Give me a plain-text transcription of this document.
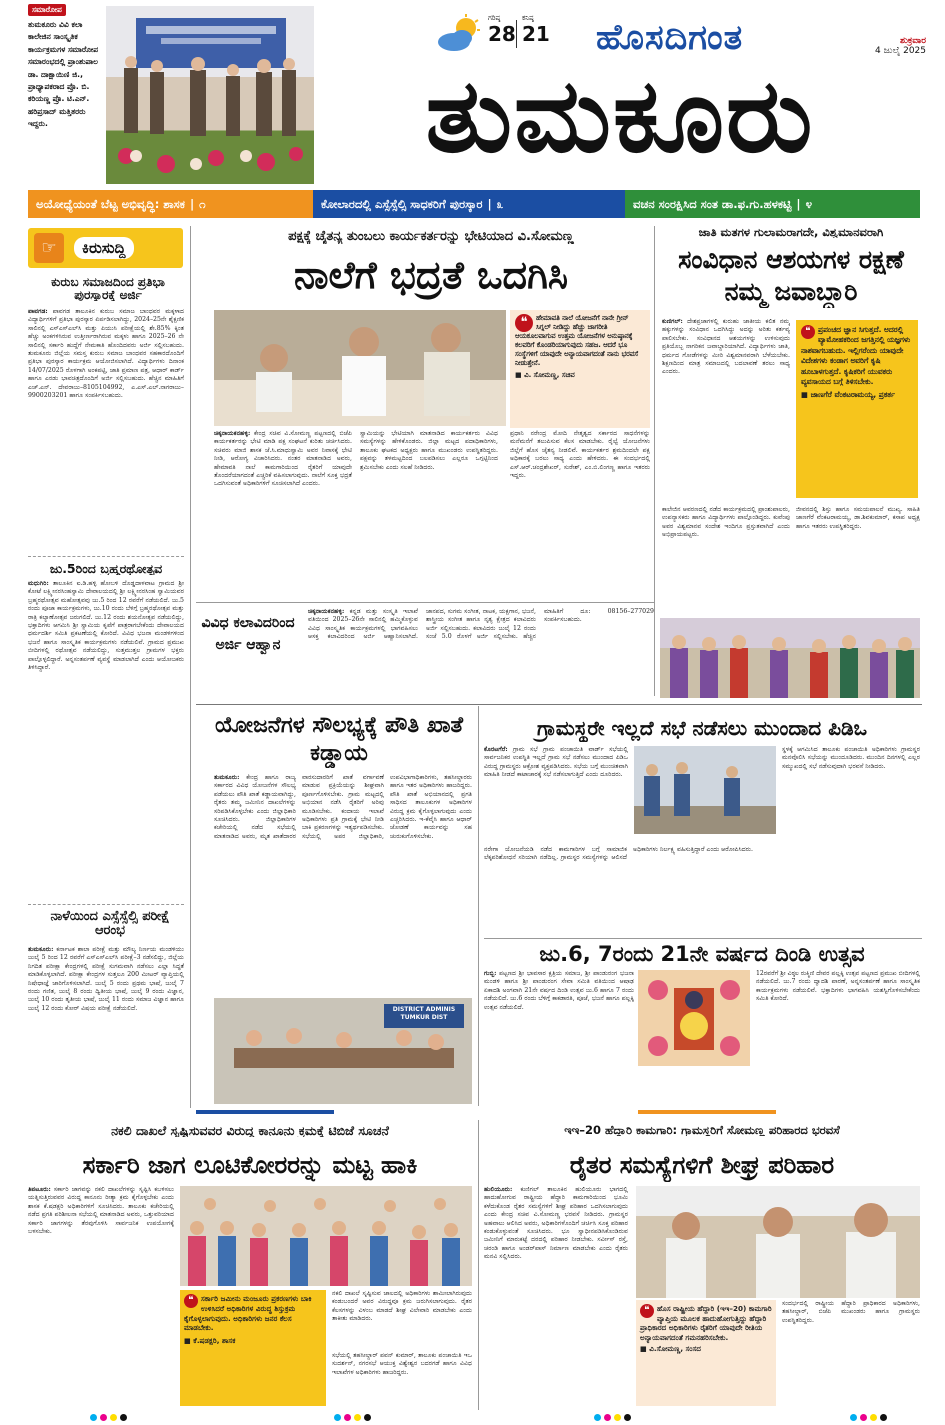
ಸಮಾರೋಪ
ತುಮಕೂರು ವಿವಿ ಕಲಾ ಕಾಲೇಜಿನ ಸಾಂಸ್ಕೃತಿಕ ಕಾರ್ಯಕ್ರಮಗಳ ಸಮಾರೋಪ ಸಮಾರಂಭದಲ್ಲಿ ಪ್ರಾಂಶುಪಾಲ ಡಾ. ದಾಕ್ಷಾಯಿಣಿ ಜಿ., ಪ್ರಾಧ್ಯಾಪಕರಾದ ಪ್ರೊ. ಬಿ. ಕರಿಯಣ್ಣ ಪ್ರೊ. ಟಿ.ಎನ್. ಹರಿಪ್ರಸಾದ್ ಮತ್ತಿತರರು ಇದ್ದರು.
ಗರಿಷ್ಠ
28
ಕನಿಷ್ಠ
21 ಹೊಸದಿಗಂತ	ಶುಕ್ರವಾರ
4 ಜುಲೈ 2025
ತುಮಕೂರು
ಅಯೋಧ್ಯೆಯಂತೆ ಬೆಟ್ಟ ಅಭಿವೃದ್ಧಿ: ಶಾಸಕ | ೧	ಕೋಲಾರದಲ್ಲಿ ಎಸ್ಸೆಸ್ಸೆಲ್ಸಿ ಸಾಧಕರಿಗೆ ಪುರಸ್ಕಾರ | ೩	ವಚನ ಸಂರಕ್ಷಿಸಿದ ಸಂತ ಡಾ.ಫ.ಗು.ಹಳಕಟ್ಟಿ | ೪
☞	ಕಿರುಸುದ್ದಿ
ಕುರುಬ ಸಮಾಜದಿಂದ ಪ್ರತಿಭಾ ಪುರಸ್ಕಾರಕ್ಕೆ ಅರ್ಜಿ
ಪಾವಗಡ: ಪಾವಗಡ ತಾಲೂಕಿನ ಕುರುಬ ಸಮಾಜ ಬಾಂಧವರ ಮಕ್ಕಳಾದ ವಿದ್ಯಾರ್ಥಿಗಳಿಗೆ ಪ್ರತಿಭಾ ಪುರಸ್ಕಾರ ಏರ್ಪಡಿಸಲಾಗಿದ್ದು, 2024–25ನೇ ಶೈಕ್ಷಣಿಕ ಸಾಲಿನಲ್ಲಿ ಎಸ್ಎಸ್ಎಲ್‌ಸಿ ಮತ್ತು ಪಿಯುಸಿ ಪರೀಕ್ಷೆಯಲ್ಲಿ ಶೇ.85% ಕ್ಕಿಂತ ಹೆಚ್ಚು ಅಂಕಗಳಿಸಿರುವ ಉತ್ತೀರ್ಣರಾಗಿರುವ ಮಕ್ಕಳು ಹಾಗೂ 2025–26 ನೇ ಸಾಲಿನಲ್ಲಿ ಸರ್ಕಾರಿ ಹುದ್ದೆಗೆ ನೇಮಕಾತಿ ಹೊಂದಿದವರು ಅರ್ಜಿ ಸಲ್ಲಿಸಬಹುದು. ತುಮಕೂರು ಜಿಲ್ಲೆಯ ಸಮಸ್ತ ಕುರುಬ ಸಮಾಜ ಬಾಂಧವರ ಸಹಕಾರದೊಂದಿಗೆ ಪ್ರತಿಭಾ ಪುರಸ್ಕಾರ ಕಾರ್ಯಕ್ರಮ ಆಯೋಜಿಸಲಾಗಿದೆ. ವಿದ್ಯಾರ್ಥಿಗಳು ದಿನಾಂಕ 14/07/2025 ರೊಳಗಾಗಿ ಅಂಕಪಟ್ಟಿ, ಜಾತಿ ಪ್ರಮಾಣ ಪತ್ರ, ಆಧಾರ್ ಕಾರ್ಡ್ ಹಾಗೂ ಎರಡು ಭಾವಚಿತ್ರದೊಂದಿಗೆ ಅರ್ಜಿ ಸಲ್ಲಿಸಬಹುದು. ಹೆಚ್ಚಿನ ಮಾಹಿತಿಗೆ ಎಚ್.ಎನ್. ದೇವರಾಜು–8105104992, ಎ.ಎಸ್.ಎಲ್.ನಾಗರಾಜು–9900203201 ಹಾಗೂ ಸಂಪರ್ಕಿಸಬಹುದು.
ಜು.5ರಿಂದ ಬ್ರಹ್ಮರಥೋತ್ಸವ
ಮಧುಗಿರಿ: ತಾಲೂಕಿನ ಐ.ಡಿ.ಹಳ್ಳಿ ಹೋಬಳಿ ದೊಡ್ಡದಾಳವಾಟ ಗ್ರಾಮದ ಶ್ರೀ ಕೋಟೆ ಲಕ್ಷ್ಮೀನರಸಿಂಹಸ್ವಾಮಿ ದೇವಾಲಯದಲ್ಲಿ ಶ್ರೀ ಲಕ್ಷ್ಮೀನರಸಿಂಹ ಸ್ವಾಮಿಯವರ ಬ್ರಹ್ಮರಥೋತ್ಸವ ಮಹೋತ್ಸವವು ಜು.5 ರಿಂದ 12 ರವರೆಗೆ ನಡೆಯಲಿದೆ. ಜು.5 ರಂದು ಪೂಜಾ ಕಾರ್ಯಕ್ರಮಗಳು, ಜು.10 ರಂದು ಬೆಳಿಗ್ಗೆ ಬ್ರಹ್ಮರಥೋತ್ಸವ ಮತ್ತು ರಾತ್ರಿ ಕಲ್ಯಾಣೋತ್ಸವ ಜರುಗಲಿದೆ. ಜು.12 ರಂದು ಶಯನೋತ್ಸವ ನಡೆಯಲಿದ್ದು, ಭಕ್ತಾದಿಗಳು ಆಗಮಿಸಿ ಶ್ರೀ ಸ್ವಾಮಿಯ ಕೃಪೆಗೆ ಪಾತ್ರರಾಗಬೇಕೆಂದು ದೇವಾಲಯದ ಧರ್ಮದರ್ಶಿ ಸಮಿತಿ ಪ್ರಕಟಣೆಯಲ್ಲಿ ಕೋರಿದೆ. ವಿವಿಧ ಭಜನಾ ಮಂಡಳಿಗಳಿಂದ ಭಜನೆ ಹಾಗೂ ಸಾಂಸ್ಕೃತಿಕ ಕಾರ್ಯಕ್ರಮಗಳು ನಡೆಯಲಿವೆ. ಗ್ರಾಮದ ಪ್ರಮುಖ ಬೀದಿಗಳಲ್ಲಿ ರಥೋತ್ಸವ ನಡೆಯಲಿದ್ದು, ಸುತ್ತಮುತ್ತಲ ಗ್ರಾಮಗಳ ಭಕ್ತರು ಪಾಲ್ಗೊಳ್ಳಲಿದ್ದಾರೆ. ಅನ್ನಸಂತರ್ಪಣೆ ವ್ಯವಸ್ಥೆ ಮಾಡಲಾಗಿದೆ ಎಂದು ಆಯೋಜಕರು ತಿಳಿಸಿದ್ದಾರೆ.
ನಾಳೆಯಿಂದ ಎಸ್ಸೆಸ್ಸೆಲ್ಸಿ ಪರೀಕ್ಷೆ ಆರಂಭ
ತುಮಕೂರು: ಕರ್ನಾಟಕ ಶಾಲಾ ಪರೀಕ್ಷೆ ಮತ್ತು ಮೌಲ್ಯ ನಿರ್ಣಯ ಮಂಡಳಿಯು ಜುಲೈ 5 ರಿಂದ 12 ರವರೆಗೆ ಎಸ್‌ಎಸ್‌ಎಲ್‌ಸಿ ಪರೀಕ್ಷೆ–3 ನಡೆಸಲಿದ್ದು, ಜಿಲ್ಲೆಯ ನಿಗದಿತ ಪರೀಕ್ಷಾ ಕೇಂದ್ರಗಳಲ್ಲಿ ಪರೀಕ್ಷೆ ಸುಗಮವಾಗಿ ನಡೆಸಲು ಎಲ್ಲಾ ಸಿದ್ಧತೆ ಮಾಡಿಕೊಳ್ಳಲಾಗಿದೆ. ಪರೀಕ್ಷಾ ಕೇಂದ್ರಗಳ ಸುತ್ತಲೂ 200 ಮೀಟರ್ ವ್ಯಾಪ್ತಿಯಲ್ಲಿ ನಿಷೇಧಾಜ್ಞೆ ಜಾರಿಗೊಳಿಸಲಾಗಿದೆ. ಜುಲೈ 5 ರಂದು ಪ್ರಥಮ ಭಾಷೆ, ಜುಲೈ 7 ರಂದು ಗಣಿತ, ಜುಲೈ 8 ರಂದು ದ್ವಿತೀಯ ಭಾಷೆ, ಜುಲೈ 9 ರಂದು ವಿಜ್ಞಾನ, ಜುಲೈ 10 ರಂದು ತೃತೀಯ ಭಾಷೆ, ಜುಲೈ 11 ರಂದು ಸಮಾಜ ವಿಜ್ಞಾನ ಹಾಗೂ ಜುಲೈ 12 ರಂದು ಕೋರ್ ವಿಷಯ ಪರೀಕ್ಷೆ ನಡೆಯಲಿದೆ.
ಪಕ್ಷಕ್ಕೆ ಚೈತನ್ಯ ತುಂಬಲು ಕಾರ್ಯಕರ್ತರನ್ನು ಭೇಟಿಯಾದ ವಿ.ಸೋಮಣ್ಣ
ನಾಲೆಗೆ ಭದ್ರತೆ ಒದಗಿಸಿ
❝	ಹೇಮಾವತಿ ನಾಲೆ ಯೋಜನೆಗೆ ನಾನೇ ಗ್ರೀನ್ ಸಿಗ್ನಲ್ ನೀಡಿದ್ದು ಹೆಚ್ಚು ಜಾಗರೀತಿ ಆಯಕೂಲವಾಗುವ ಉತ್ತಮ ಯೋಜನೆಗಳ ಅನುಷ್ಠಾನಕ್ಕೆ ಕಲವರಿಗೆ ಕೊಂಡರಿಯಾಗುವುದು ಸಹಜ. ಆದರೆ ಭೂ ಸಂಸ್ಥೆಗಳಿಗೆ ಯಾವುದೇ ಅನ್ಯಾಯವಾಗದಂತೆ ನಾನು ಭರವಸೆ ನೀಡುತ್ತೇನೆ.
■ ವಿ. ಸೋಮಣ್ಣ, ಸಚಿವ
ಚಿಕ್ಕನಾಯಕನಹಳ್ಳಿ: ಕೇಂದ್ರ ಸಚಿವ ವಿ.ಸೋಮಣ್ಣ ಪಟ್ಟಣದಲ್ಲಿ ಬಿಜೆಪಿ ಕಾರ್ಯಕರ್ತರನ್ನು ಭೇಟಿ ಮಾಡಿ ಪಕ್ಷ ಸಂಘಟನೆ ಕುರಿತು ಚರ್ಚಿಸಿದರು. ಸಚಿವರು ಮಾಜಿ ಶಾಸಕ ಜೆ.ಸಿ.ಮಾಧುಸ್ವಾಮಿ ಅವರ ನಿವಾಸಕ್ಕೆ ಭೇಟಿ ನೀಡಿ, ಆರೋಗ್ಯ ವಿಚಾರಿಸಿದರು. ನಂತರ ಮಾತನಾಡಿದ ಅವರು, ಹೇಮಾವತಿ ನಾಲೆ ಕಾಮಗಾರಿಯಿಂದ ರೈತರಿಗೆ ಯಾವುದೇ ತೊಂದರೆಯಾಗದಂತೆ ಎಚ್ಚರಿಕೆ ವಹಿಸಲಾಗುವುದು. ನಾಲೆಗೆ ಸೂಕ್ತ ಭದ್ರತೆ ಒದಗಿಸುವಂತೆ ಅಧಿಕಾರಿಗಳಿಗೆ ಸೂಚಿಸಲಾಗಿದೆ ಎಂದರು.
ಸ್ವಾಮಿಯನ್ನು ಭೇಟಿಯಾಗಿ ಮಾತನಾಡಿದ ಕಾರ್ಯಕರ್ತರು ವಿವಿಧ ಸಮಸ್ಯೆಗಳನ್ನು ಹೇಳಿಕೊಂಡರು. ಜಿಲ್ಲಾ ಮಟ್ಟದ ಪದಾಧಿಕಾರಿಗಳು, ತಾಲೂಕು ಘಟಕದ ಅಧ್ಯಕ್ಷರು ಹಾಗೂ ಮುಖಂಡರು ಉಪಸ್ಥಿತರಿದ್ದರು. ಪಕ್ಷವನ್ನು ತಳಮಟ್ಟದಿಂದ ಬಲಪಡಿಸಲು ಎಲ್ಲರೂ ಒಗ್ಗಟ್ಟಿನಿಂದ ಶ್ರಮಿಸಬೇಕು ಎಂದು ಸಲಹೆ ನೀಡಿದರು.
ಪ್ರಧಾನಿ ನರೇಂದ್ರ ಮೋದಿ ನೇತೃತ್ವದ ಸರ್ಕಾರದ ಸಾಧನೆಗಳನ್ನು ಮನೆಮನೆಗೆ ತಲುಪಿಸುವ ಕೆಲಸ ಮಾಡಬೇಕು. ರೈಲ್ವೆ ಯೋಜನೆಗಳು ಜಿಲ್ಲೆಗೆ ಹೊಸ ಚೈತನ್ಯ ನೀಡಲಿವೆ. ಕಾರ್ಯಕರ್ತರ ಶ್ರಮದಿಂದಲೇ ಪಕ್ಷ ಅಧಿಕಾರಕ್ಕೆ ಬರಲು ಸಾಧ್ಯ ಎಂದು ಹೇಳಿದರು. ಈ ಸಂದರ್ಭದಲ್ಲಿ ಎಸ್.ಆರ್.ಚಂದ್ರಶೇಖರ್, ಸುರೇಶ್, ಎಂ.ಬಿ.ಲಿಂಗಣ್ಣ ಹಾಗೂ ಇತರರು ಇದ್ದರು.
ಜಾತಿ ಮತಗಳ ಗುಲಾಮರಾಗದೇ, ವಿಶ್ವಮಾನವರಾಗಿ
ಸಂವಿಧಾನ ಆಶಯಗಳ ರಕ್ಷಣೆ ನಮ್ಮ ಜವಾಬ್ದಾರಿ
ಕುಣಿಗಲ್: ದೇಶಪ್ರಜಾಗಳಲ್ಲಿ ಕುರುಹು ಜಾತೀಯ ಕಲಿತ ನಮ್ಮ ಹಕ್ಕುಗಳನ್ನು ಸಂವಿಧಾನ ಒದಗಿಸಿದ್ದು ಅದನ್ನು ಅರಿತು ಕರ್ತವ್ಯ ಪಾಲಿಸಬೇಕು. ಸಂವಿಧಾನದ ಆಶಯಗಳನ್ನು ಉಳಿಸುವುದು ಪ್ರತಿಯೊಬ್ಬ ನಾಗರಿಕನ ಜವಾಬ್ದಾರಿಯಾಗಿದೆ. ವಿದ್ಯಾರ್ಥಿಗಳು ಜಾತಿ, ಧರ್ಮದ ಗೋಡೆಗಳನ್ನು ಮೀರಿ ವಿಶ್ವಮಾನವರಾಗಿ ಬೆಳೆಯಬೇಕು. ಶಿಕ್ಷಣದಿಂದ ಮಾತ್ರ ಸಮಾಜದಲ್ಲಿ ಬದಲಾವಣೆ ತರಲು ಸಾಧ್ಯ ಎಂದರು.
❝ ಪ್ರಪಂಚದ ಜ್ಞಾನ ಸಿಗುತ್ತದೆ. ಅದರಲ್ಲಿ ವ್ಯಾಮೋಹಕರಿಂದ ಜಗತ್ತಿನಲ್ಲಿ ಯಜ್ಞಗಳು ನಾಶವಾಗಬಹುದು. ಇಲ್ಲಿಗರೆಂದು ಯಾವುದೇ ವಿದೇಶಗಳು ಕಂಡಾಗ ಅವರಿಗೆ ಕೃಷಿ ಹೂಬಾಳಗುತ್ತದೆ. ಕೃಷಿಕರಿಗೆ ಯುವಕರು ವ್ಯವಸಾಯದ ಬಗ್ಗೆ ತಿಳಿಸಬೇಕು.
■ ಜಾಣಗೆರೆ ವೆಂಕಟರಾಮಯ್ಯ, ಪ್ರಕರ್ತ
ಕಾಲೇಜಿನ ಆವರಣದಲ್ಲಿ ನಡೆದ ಕಾರ್ಯಕ್ರಮದಲ್ಲಿ ಪ್ರಾಂಶುಪಾಲರು, ಉಪನ್ಯಾಸಕರು ಹಾಗೂ ವಿದ್ಯಾರ್ಥಿಗಳು ಪಾಲ್ಗೊಂಡಿದ್ದರು. ಕುವೆಂಪು ಅವರ ವಿಶ್ವಮಾನವ ಸಂದೇಶ ಇಂದಿಗೂ ಪ್ರಸ್ತುತವಾಗಿದೆ ಎಂದು ಅಭಿಪ್ರಾಯಪಟ್ಟರು.
ಜೀವನದಲ್ಲಿ ಶಿಸ್ತು ಹಾಗೂ ಸಮಯಪಾಲನೆ ಮುಖ್ಯ. ಸಾಹಿತಿ ಜಾಣಗೆರೆ ವೆಂಕಟರಾಮಯ್ಯ, ಡಾ.ಶಿವಕುಮಾರ್, ಕಸಾಪ ಅಧ್ಯಕ್ಷ ಹಾಗೂ ಇತರರು ಉಪಸ್ಥಿತರಿದ್ದರು.
ವಿವಿಧ ಕಲಾವಿದರಿಂದ ಅರ್ಜಿ ಆಹ್ವಾನ
ಚಿಕ್ಕನಾಯಕನಹಳ್ಳಿ: ಕನ್ನಡ ಮತ್ತು ಸಂಸ್ಕೃತಿ ಇಲಾಖೆ ವತಿಯಿಂದ 2025–26ನೇ ಸಾಲಿನಲ್ಲಿ ಹಮ್ಮಿಕೊಳ್ಳುವ ವಿವಿಧ ಸಾಂಸ್ಕೃತಿಕ ಕಾರ್ಯಕ್ರಮಗಳಲ್ಲಿ ಭಾಗವಹಿಸಲು ಆಸಕ್ತ ಕಲಾವಿದರಿಂದ ಅರ್ಜಿ ಆಹ್ವಾನಿಸಲಾಗಿದೆ. ಜಾನಪದ, ಸುಗಮ ಸಂಗೀತ, ನಾಟಕ, ಯಕ್ಷಗಾನ, ಭಜನೆ, ಶಾಸ್ತ್ರೀಯ ಸಂಗೀತ ಹಾಗೂ ನೃತ್ಯ ಕ್ಷೇತ್ರದ ಕಲಾವಿದರು ಅರ್ಜಿ ಸಲ್ಲಿಸಬಹುದು. ಕಲಾವಿದರು ಜುಲೈ 12 ರಂದು ಸಂಜೆ 5.0 ರೊಳಗೆ ಅರ್ಜಿ ಸಲ್ಲಿಸಬೇಕು. ಹೆಚ್ಚಿನ ಮಾಹಿತಿಗೆ ದೂ: 08156–277029 ಸಂಪರ್ಕಿಸಬಹುದು.
ಯೋಜನೆಗಳ ಸೌಲಭ್ಯಕ್ಕೆ ಪೌತಿ ಖಾತೆ ಕಡ್ಡಾಯ
ತುಮಕೂರು: ಕೇಂದ್ರ ಹಾಗೂ ರಾಜ್ಯ ಸರ್ಕಾರದ ವಿವಿಧ ಯೋಜನೆಗಳ ಸೌಲಭ್ಯ ಪಡೆಯಲು ಪೌತಿ ಖಾತೆ ಕಡ್ಡಾಯವಾಗಿದ್ದು, ರೈತರು ತಮ್ಮ ಜಮೀನಿನ ದಾಖಲೆಗಳನ್ನು ಸರಿಪಡಿಸಿಕೊಳ್ಳಬೇಕು ಎಂದು ಜಿಲ್ಲಾಧಿಕಾರಿ ಸೂಚಿಸಿದರು. ಜಿಲ್ಲಾಧಿಕಾರಿಗಳ ಕಚೇರಿಯಲ್ಲಿ ನಡೆದ ಸಭೆಯಲ್ಲಿ ಮಾತನಾಡಿದ ಅವರು, ಮೃತ ಖಾತೆದಾರರ ವಾರಸುದಾರರಿಗೆ ಖಾತೆ ವರ್ಗಾವಣೆ ಮಾಡುವ ಪ್ರಕ್ರಿಯೆಯನ್ನು ಶೀಘ್ರವಾಗಿ ಪೂರ್ಣಗೊಳಿಸಬೇಕು. ಗ್ರಾಮ ಮಟ್ಟದಲ್ಲಿ ಅಭಿಯಾನ ನಡೆಸಿ ರೈತರಿಗೆ ಅರಿವು ಮೂಡಿಸಬೇಕು. ಕಂದಾಯ ಇಲಾಖೆ ಅಧಿಕಾರಿಗಳು ಪ್ರತಿ ಗ್ರಾಮಕ್ಕೆ ಭೇಟಿ ನೀಡಿ ಬಾಕಿ ಪ್ರಕರಣಗಳನ್ನು ಇತ್ಯರ್ಥಪಡಿಸಬೇಕು. ಸಭೆಯಲ್ಲಿ ಅಪರ ಜಿಲ್ಲಾಧಿಕಾರಿ, ಉಪವಿಭಾಗಾಧಿಕಾರಿಗಳು, ತಹಸೀಲ್ದಾರರು ಹಾಗೂ ಇತರ ಅಧಿಕಾರಿಗಳು ಹಾಜರಿದ್ದರು. ಪೌತಿ ಖಾತೆ ಅಭಿಯಾನದಲ್ಲಿ ಪ್ರಗತಿ ಸಾಧಿಸದ ತಾಲೂಕುಗಳ ಅಧಿಕಾರಿಗಳ ವಿರುದ್ಧ ಕ್ರಮ ಕೈಗೊಳ್ಳಲಾಗುವುದು ಎಂದು ಎಚ್ಚರಿಸಿದರು. ಇ-ಕೆವೈಸಿ ಹಾಗೂ ಆಧಾರ್ ಜೋಡಣೆ ಕಾರ್ಯವನ್ನು ಸಹ ಚುರುಕುಗೊಳಿಸಬೇಕು.
DISTRICT ADMINIS TUMKUR DIST
ಗ್ರಾಮಸ್ಥರೇ ಇಲ್ಲದೆ ಸಭೆ ನಡೆಸಲು ಮುಂದಾದ ಪಿಡಿಒ
ಕೊರಟಗೆರೆ: ಗ್ರಾಮ ಸಭೆ ಗ್ರಾಮ ಪಂಚಾಯಿತಿ ವಾರ್ಡ್ ಸಭೆಯಲ್ಲಿ ಸಾರ್ವಜನಿಕರ ಉಪಸ್ಥಿತಿ ಇಲ್ಲದೆ ಗ್ರಾಮ ಸಭೆ ನಡೆಸಲು ಮುಂದಾದ ಪಿಡಿಒ ವಿರುದ್ಧ ಗ್ರಾಮಸ್ಥರು ಆಕ್ರೋಶ ವ್ಯಕ್ತಪಡಿಸಿದರು. ಸಭೆಯ ಬಗ್ಗೆ ಮುಂಚಿತವಾಗಿ ಮಾಹಿತಿ ನೀಡದೆ ಕಾಟಾಚಾರಕ್ಕೆ ಸಭೆ ನಡೆಸಲಾಗುತ್ತಿದೆ ಎಂದು ದೂರಿದರು.
ಸ್ಥಳಕ್ಕೆ ಆಗಮಿಸಿದ ತಾಲೂಕು ಪಂಚಾಯಿತಿ ಅಧಿಕಾರಿಗಳು ಗ್ರಾಮಸ್ಥರ ಮನವೊಲಿಸಿ ಸಭೆಯನ್ನು ಮುಂದೂಡಿದರು. ಮುಂದಿನ ದಿನಗಳಲ್ಲಿ ಎಲ್ಲರ ಸಮ್ಮುಖದಲ್ಲಿ ಸಭೆ ನಡೆಸುವುದಾಗಿ ಭರವಸೆ ನೀಡಿದರು.
ನರೇಗಾ ಯೋಜನೆಯಡಿ ನಡೆದ ಕಾಮಗಾರಿಗಳ ಬಗ್ಗೆ ಸಾಮಾಜಿಕ ಲೆಕ್ಕಪರಿಶೋಧನೆ ಸರಿಯಾಗಿ ನಡೆದಿಲ್ಲ. ಗ್ರಾಮಸ್ಥರ ಸಮಸ್ಯೆಗಳನ್ನು ಆಲಿಸದೆ ಅಧಿಕಾರಿಗಳು ನಿರ್ಲಕ್ಷ್ಯ ವಹಿಸುತ್ತಿದ್ದಾರೆ ಎಂದು ಆರೋಪಿಸಿದರು.
ಜು.6, 7ರಂದು 21ನೇ ವರ್ಷದ ದಿಂಡಿ ಉತ್ಸವ
ಗುಬ್ಬಿ: ಪಟ್ಟಣದ ಶ್ರೀ ಭಾವಸಾರ ಕ್ಷತ್ರಿಯ ಸಮಾಜ, ಶ್ರೀ ಪಾಂಡುರಂಗ ಭಜನಾ ಮಂಡಳಿ ಹಾಗೂ ಶ್ರೀ ಪಾಂಡುರಂಗ ಸೇವಾ ಸಮಿತಿ ವತಿಯಿಂದ ಆಷಾಢ ಏಕಾದಶಿ ಅಂಗವಾಗಿ 21ನೇ ವರ್ಷದ ದಿಂಡಿ ಉತ್ಸವ ಜು.6 ಹಾಗೂ 7 ರಂದು ನಡೆಯಲಿದೆ. ಜು.6 ರಂದು ಬೆಳಿಗ್ಗೆ ಕಾಕಡಾರತಿ, ಪೂಜೆ, ಭಜನೆ ಹಾಗೂ ಪಲ್ಲಕ್ಕಿ ಉತ್ಸವ ನಡೆಯಲಿದೆ.
12ರವರೆಗೆ ಶ್ರೀ ವಿಠ್ಠಲ ರುಕ್ಮಿಣಿ ದೇವರ ಪಲ್ಲಕ್ಕಿ ಉತ್ಸವ ಪಟ್ಟಣದ ಪ್ರಮುಖ ಬೀದಿಗಳಲ್ಲಿ ನಡೆಯಲಿದೆ. ಜು.7 ರಂದು ದ್ವಾದಶಿ ಪಾರಣೆ, ಅನ್ನಸಂತರ್ಪಣೆ ಹಾಗೂ ಸಾಂಸ್ಕೃತಿಕ ಕಾರ್ಯಕ್ರಮಗಳು ನಡೆಯಲಿವೆ. ಭಕ್ತಾದಿಗಳು ಭಾಗವಹಿಸಿ ಯಶಸ್ವಿಗೊಳಿಸಬೇಕೆಂದು ಸಮಿತಿ ಕೋರಿದೆ.
ನಕಲಿ ದಾಖಲೆ ಸೃಷ್ಟಿಸುವವರ ವಿರುದ್ಧ ಕಾನೂನು ಕ್ರಮಕ್ಕೆ ಟಿಬಿಜೆ ಸೂಚನೆ
ಸರ್ಕಾರಿ ಜಾಗ ಲೂಟಿಕೋರರನ್ನು ಮಟ್ಟ ಹಾಕಿ
ತಿಪಟೂರು: ಸರ್ಕಾರಿ ಜಾಗವನ್ನು ನಕಲಿ ದಾಖಲೆಗಳನ್ನು ಸೃಷ್ಟಿಸಿ ಕಬಳಿಸಲು ಯತ್ನಿಸುತ್ತಿರುವವರ ವಿರುದ್ಧ ಕಾನೂನು ರೀತ್ಯಾ ಕ್ರಮ ಕೈಗೊಳ್ಳಬೇಕು ಎಂದು ಶಾಸಕ ಕೆ.ಷಡಕ್ಷರಿ ಅಧಿಕಾರಿಗಳಿಗೆ ಸೂಚಿಸಿದರು. ತಾಲೂಕು ಕಚೇರಿಯಲ್ಲಿ ನಡೆದ ಪ್ರಗತಿ ಪರಿಶೀಲನಾ ಸಭೆಯಲ್ಲಿ ಮಾತನಾಡಿದ ಅವರು, ಒತ್ತುವರಿಯಾದ ಸರ್ಕಾರಿ ಜಾಗಗಳನ್ನು ತೆರವುಗೊಳಿಸಿ ಸಾರ್ವಜನಿಕ ಉಪಯೋಗಕ್ಕೆ ಬಳಸಬೇಕು.
❝	ಸರ್ಕಾರಿ ಜಮೀನು ಮಂಜೂರು ಪ್ರಕರಣಗಳು ಬಾಕಿ ಉಳಿಸಿದರೆ ಅಧಿಕಾರಿಗಳ ವಿರುದ್ಧ ಶಿಸ್ತುಕ್ರಮ ಕೈಗೊಳ್ಳಲಾಗುವುದು. ಅಧಿಕಾರಿಗಳು ಜನರ ಕೆಲಸ ಮಾಡಬೇಕು.
■ ಕೆ.ಷಡಕ್ಷರಿ, ಶಾಸಕ
ನಕಲಿ ದಾಖಲೆ ಸೃಷ್ಟಿಸುವ ಜಾಲದಲ್ಲಿ ಅಧಿಕಾರಿಗಳು ಶಾಮೀಲಾಗಿರುವುದು ಕಂಡುಬಂದರೆ ಅವರ ವಿರುದ್ಧವೂ ಕ್ರಮ ಜರುಗಿಸಲಾಗುವುದು. ರೈತರ ಕೆಲಸಗಳನ್ನು ವಿಳಂಬ ಮಾಡದೆ ಶೀಘ್ರ ವಿಲೇವಾರಿ ಮಾಡಬೇಕು ಎಂದು ತಾಕೀತು ಮಾಡಿದರು.
ಸಭೆಯಲ್ಲಿ ತಹಸೀಲ್ದಾರ್ ಪವನ್ ಕುಮಾರ್, ತಾಲೂಕು ಪಂಚಾಯಿತಿ ಇಒ ಸುದರ್ಶನ್, ನಗರಸಭೆ ಆಯುಕ್ತ ವಿಶ್ವೇಶ್ವರ ಬದರಗಡೆ ಹಾಗೂ ವಿವಿಧ ಇಲಾಖೆಗಳ ಅಧಿಕಾರಿಗಳು ಹಾಜರಿದ್ದರು.
ಇಇ–20 ಹೆದ್ದಾರಿ ಕಾಮಗಾರಿ: ಗ್ರಾಮಸ್ಥರಿಗೆ ಸೋಮಣ್ಣ ಪರಿಹಾರದ ಭರವಸೆ
ರೈತರ ಸಮಸ್ಯೆಗಳಿಗೆ ಶೀಘ್ರ ಪರಿಹಾರ
ಹುಲಿಯೂರು: ಕುಣಿಗಲ್ ತಾಲೂಕಿನ ಹುಲಿಯೂರು ಭಾಗದಲ್ಲಿ ಹಾದುಹೋಗುವ ರಾಷ್ಟ್ರೀಯ ಹೆದ್ದಾರಿ ಕಾಮಗಾರಿಯಿಂದ ಭೂಮಿ ಕಳೆದುಕೊಂಡ ರೈತರ ಸಮಸ್ಯೆಗಳಿಗೆ ಶೀಘ್ರ ಪರಿಹಾರ ಒದಗಿಸಲಾಗುವುದು ಎಂದು ಕೇಂದ್ರ ಸಚಿವ ವಿ.ಸೋಮಣ್ಣ ಭರವಸೆ ನೀಡಿದರು. ಗ್ರಾಮಸ್ಥರ ಅಹವಾಲು ಆಲಿಸಿದ ಅವರು, ಅಧಿಕಾರಿಗಳೊಂದಿಗೆ ಚರ್ಚಿಸಿ ಸೂಕ್ತ ಪರಿಹಾರ ಕಂಡುಕೊಳ್ಳುವಂತೆ ಸೂಚಿಸಿದರು. ಭೂ ಸ್ವಾಧೀನಪಡಿಸಿಕೊಂಡಿರುವ ಜಮೀನಿಗೆ ಮಾರುಕಟ್ಟೆ ದರದಲ್ಲಿ ಪರಿಹಾರ ನೀಡಬೇಕು. ಸರ್ವೀಸ್ ರಸ್ತೆ, ಚರಂಡಿ ಹಾಗೂ ಅಂಡರ್‌ಪಾಸ್ ನಿರ್ಮಾಣ ಮಾಡಬೇಕು ಎಂದು ರೈತರು ಮನವಿ ಸಲ್ಲಿಸಿದರು.
❝	ಹೊಸ ರಾಷ್ಟ್ರೀಯ ಹೆದ್ದಾರಿ (ಇಇ–20) ಕಾಮಗಾರಿ ವ್ಯಾಪ್ತಿಯ ಮೂಲಕ ಹಾದುಹೋಗುತ್ತಿದ್ದು ಹೆದ್ದಾರಿ ಪ್ರಾಧಿಕಾರದ ಅಧಿಕಾರಿಗಳು ರೈತರಿಗೆ ಯಾವುದೇ ರೀತಿಯ ಅನ್ಯಾಯವಾಗದಂತೆ ಗಮನಹರಿಸಬೇಕು.
■ ವಿ.ಸೋಮಣ್ಣ, ಸಂಸದ
ಸಂದರ್ಭದಲ್ಲಿ ರಾಷ್ಟ್ರೀಯ ಹೆದ್ದಾರಿ ಪ್ರಾಧಿಕಾರದ ಅಧಿಕಾರಿಗಳು, ತಹಸೀಲ್ದಾರ್, ಬಿಜೆಪಿ ಮುಖಂಡರು ಹಾಗೂ ಗ್ರಾಮಸ್ಥರು ಉಪಸ್ಥಿತರಿದ್ದರು.
